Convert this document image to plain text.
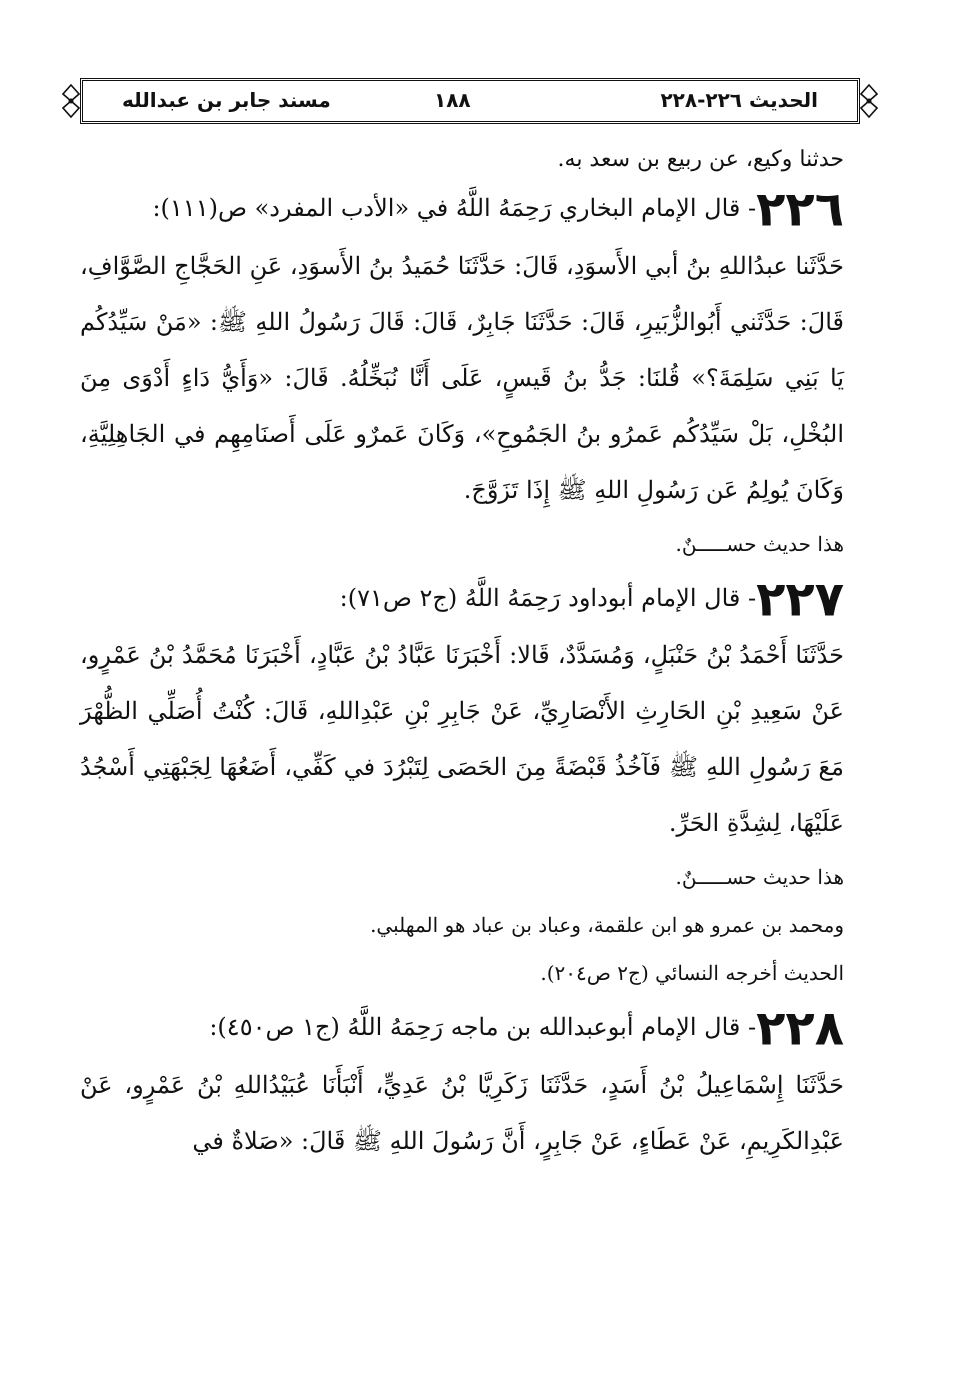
الحديث ٢٢٦-٢٢٨
١٨٨
مسند جابر بن عبدالله

حدثنا وكيع، عن ربيع بن سعد به.

٢٢٦- قال الإمام البخاري رَحِمَهُ اللَّهُ في «الأدب المفرد» ص(١١١):

حَدَّثَنا عبدُاللهِ بنُ أبي الأَسوَدِ، قَالَ: حَدَّثَنَا حُمَيدُ بنُ الأَسوَدِ، عَنِ الحَجَّاجِ الصَّوَّافِ، قَالَ: حَدَّثَني أَبُوالزُّبَيرِ، قَالَ: حَدَّثَنَا جَابِرٌ، قَالَ: قَالَ رَسُولُ اللهِ ﷺ: «مَنْ سَيِّدُكُم يَا بَنِي سَلِمَةَ؟» قُلنَا: جَدُّ بنُ قَيسٍ، عَلَى أَنَّا نُبَخِّلُهُ. قَالَ: «وَأَيُّ دَاءٍ أَدْوَى مِنَ البُخْلِ، بَلْ سَيِّدُكُم عَمرُو بنُ الجَمُوحِ»، وَكَانَ عَمرٌو عَلَى أَصنَامِهِم في الجَاهِلِيَّةِ، وَكَانَ يُولِمُ عَن رَسُولِ اللهِ ﷺ إِذَا تَزَوَّجَ.

هذا حديث حســـــنٌ.

٢٢٧- قال الإمام أبوداود رَحِمَهُ اللَّهُ (ج٢ ص٧١):

حَدَّثَنَا أَحْمَدُ بْنُ حَنْبَلٍ، وَمُسَدَّدٌ، قَالا: أَخْبَرَنَا عَبَّادُ بْنُ عَبَّادٍ، أَخْبَرَنَا مُحَمَّدُ بْنُ عَمْرٍو، عَنْ سَعِيدِ بْنِ الحَارِثِ الأَنْصَارِيِّ، عَنْ جَابِرِ بْنِ عَبْدِاللهِ، قَالَ: كُنْتُ أُصَلِّي الظُّهْرَ مَعَ رَسُولِ اللهِ ﷺ فَآخُذُ قَبْضَةً مِنَ الحَصَى لِتَبْرُدَ في كَفِّي، أَضَعُهَا لِجَبْهَتِي أَسْجُدُ عَلَيْهَا، لِشِدَّةِ الحَرِّ.

هذا حديث حســـــنٌ.

ومحمد بن عمرو هو ابن علقمة، وعباد بن عباد هو المهلبي.

الحديث أخرجه النسائي (ج٢ ص٢٠٤).

٢٢٨- قال الإمام أبوعبدالله بن ماجه رَحِمَهُ اللَّهُ (ج١ ص٤٥٠):

حَدَّثَنَا إِسْمَاعِيلُ بْنُ أَسَدٍ، حَدَّثَنَا زَكَرِيَّا بْنُ عَدِيٍّ، أَنْبَأَنَا عُبَيْدُاللهِ بْنُ عَمْرٍو، عَنْ عَبْدِالكَرِيمِ، عَنْ عَطَاءٍ، عَنْ جَابِرٍ، أَنَّ رَسُولَ اللهِ ﷺ قَالَ: «صَلاةٌ في
